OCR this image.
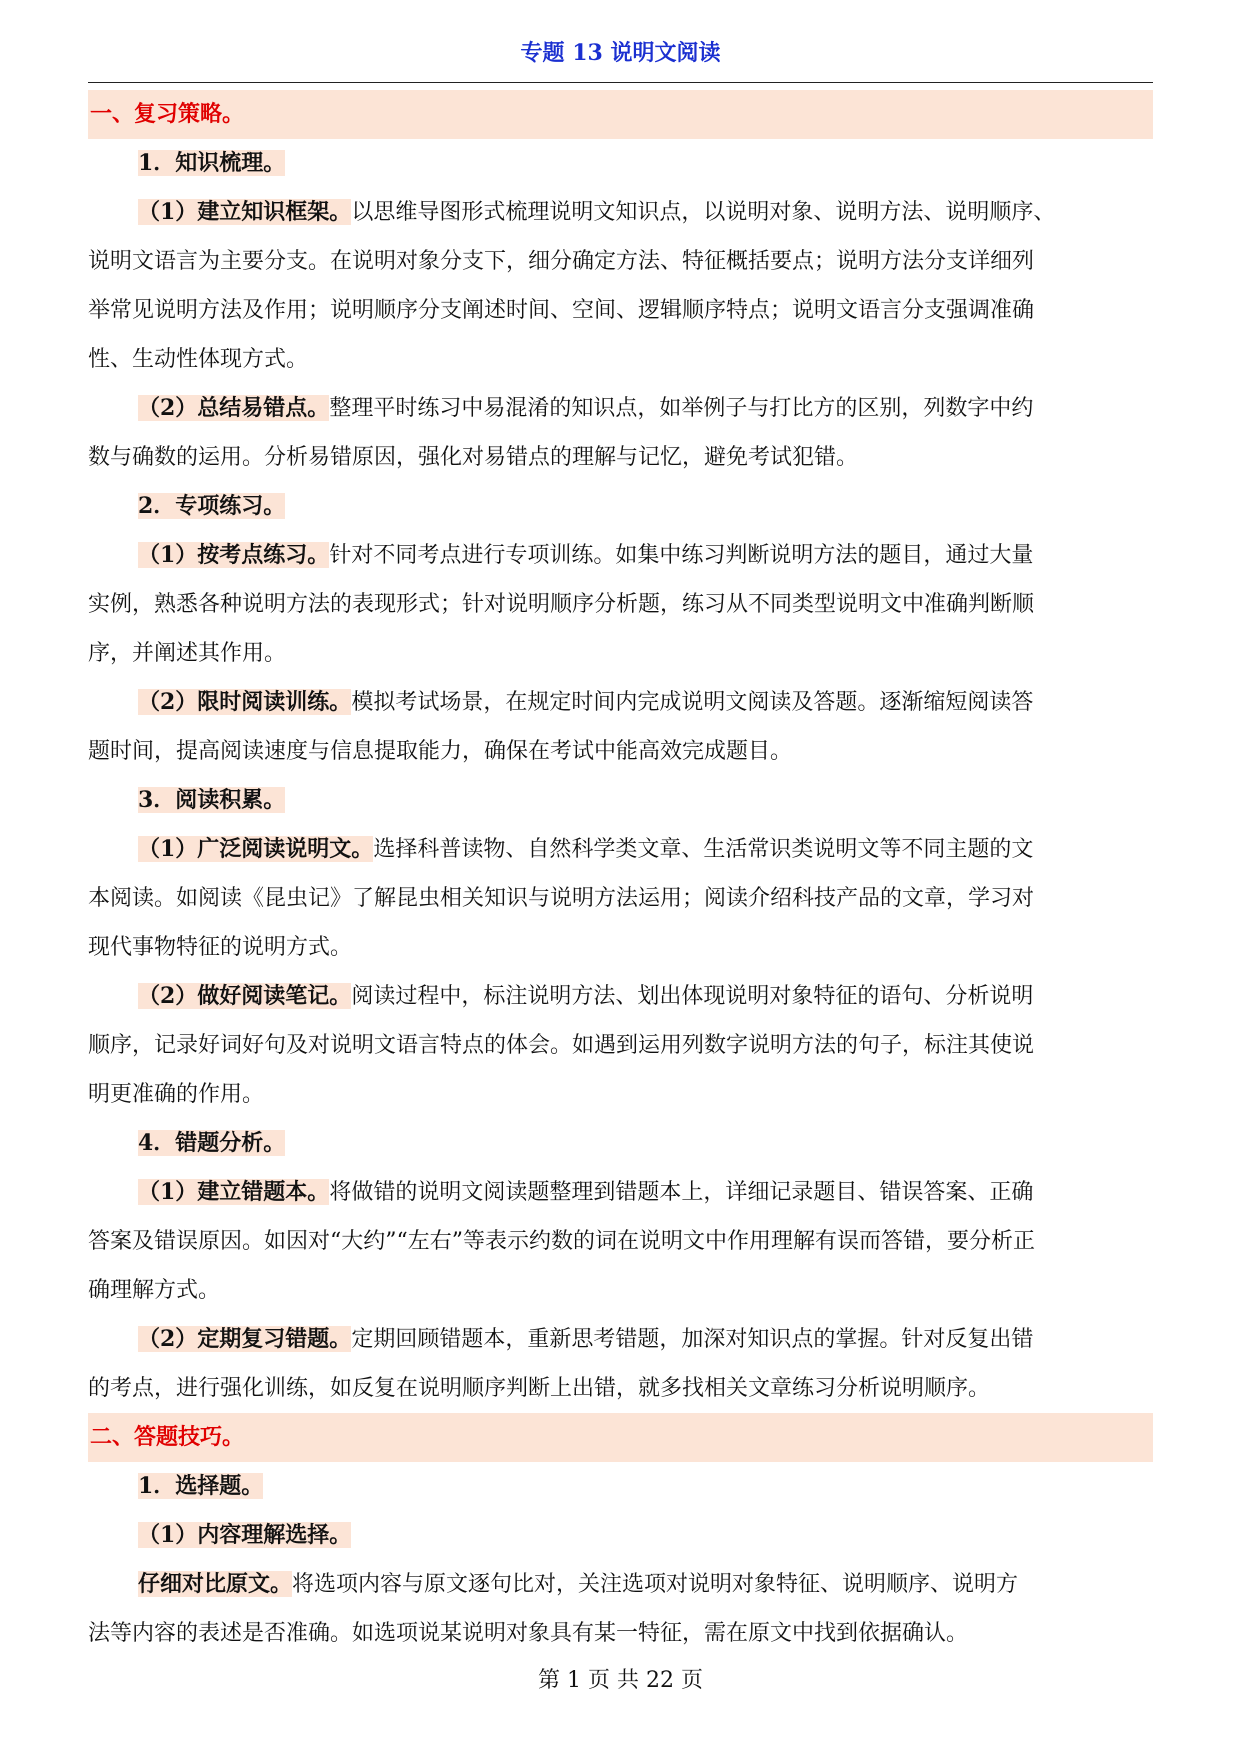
专题 13 说明文阅读
一、复习策略。
1．知识梳理。
（1）建立知识框架。以思维导图形式梳理说明文知识点，以说明对象、说明方法、说明顺序、
说明文语言为主要分支。在说明对象分支下，细分确定方法、特征概括要点；说明方法分支详细列
举常见说明方法及作用；说明顺序分支阐述时间、空间、逻辑顺序特点；说明文语言分支强调准确
性、生动性体现方式。
（2）总结易错点。整理平时练习中易混淆的知识点，如举例子与打比方的区别，列数字中约
数与确数的运用。分析易错原因，强化对易错点的理解与记忆，避免考试犯错。
2．专项练习。
（1）按考点练习。针对不同考点进行专项训练。如集中练习判断说明方法的题目，通过大量
实例，熟悉各种说明方法的表现形式；针对说明顺序分析题，练习从不同类型说明文中准确判断顺
序，并阐述其作用。
（2）限时阅读训练。模拟考试场景，在规定时间内完成说明文阅读及答题。逐渐缩短阅读答
题时间，提高阅读速度与信息提取能力，确保在考试中能高效完成题目。
3．阅读积累。
（1）广泛阅读说明文。选择科普读物、自然科学类文章、生活常识类说明文等不同主题的文
本阅读。如阅读《昆虫记》了解昆虫相关知识与说明方法运用；阅读介绍科技产品的文章，学习对
现代事物特征的说明方式。
（2）做好阅读笔记。阅读过程中，标注说明方法、划出体现说明对象特征的语句、分析说明
顺序，记录好词好句及对说明文语言特点的体会。如遇到运用列数字说明方法的句子，标注其使说
明更准确的作用。
4．错题分析。
（1）建立错题本。将做错的说明文阅读题整理到错题本上，详细记录题目、错误答案、正确
答案及错误原因。如因对“大约”“左右”等表示约数的词在说明文中作用理解有误而答错，要分析正
确理解方式。
（2）定期复习错题。定期回顾错题本，重新思考错题，加深对知识点的掌握。针对反复出错
的考点，进行强化训练，如反复在说明顺序判断上出错，就多找相关文章练习分析说明顺序。
二、答题技巧。
1．选择题。
（1）内容理解选择。
仔细对比原文。将选项内容与原文逐句比对，关注选项对说明对象特征、说明顺序、说明方
法等内容的表述是否准确。如选项说某说明对象具有某一特征，需在原文中找到依据确认。
第 1 页 共 22 页
